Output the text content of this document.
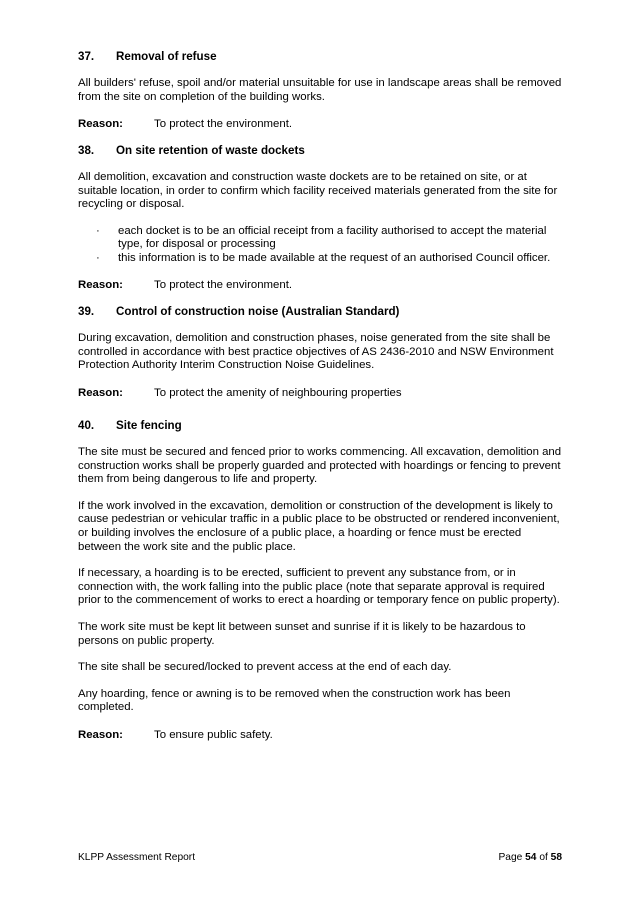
37.	Removal of refuse

All builders' refuse, spoil and/or material unsuitable for use in landscape areas shall be removed from the site on completion of the building works.

Reason:	To protect the environment.
38.	On site retention of waste dockets

All demolition, excavation and construction waste dockets are to be retained on site, or at suitable location, in order to confirm which facility received materials generated from the site for recycling or disposal.

·	each docket is to be an official receipt from a facility authorised to accept the material type, for disposal or processing
·	this information is to be made available at the request of an authorised Council officer.
Reason:	To protect the environment.
39.	Control of construction noise (Australian Standard)

During excavation, demolition and construction phases, noise generated from the site shall be controlled in accordance with best practice objectives of AS 2436-2010 and NSW Environment Protection Authority Interim Construction Noise Guidelines.

Reason:	To protect the amenity of neighbouring properties
40.	Site fencing

The site must be secured and fenced prior to works commencing. All excavation, demolition and construction works shall be properly guarded and protected with hoardings or fencing to prevent them from being dangerous to life and property.

If the work involved in the excavation, demolition or construction of the development is likely to cause pedestrian or vehicular traffic in a public place to be obstructed or rendered inconvenient, or building involves the enclosure of a public place, a hoarding or fence must be erected between the work site and the public place.

If necessary, a hoarding is to be erected, sufficient to prevent any substance from, or in connection with, the work falling into the public place (note that separate approval is required prior to the commencement of works to erect a hoarding or temporary fence on public property).

The work site must be kept lit between sunset and sunrise if it is likely to be hazardous to persons on public property.

The site shall be secured/locked to prevent access at the end of each day.

Any hoarding, fence or awning is to be removed when the construction work has been completed.

Reason:	To ensure public safety.
KLPP Assessment Report	Page 54 of 58
